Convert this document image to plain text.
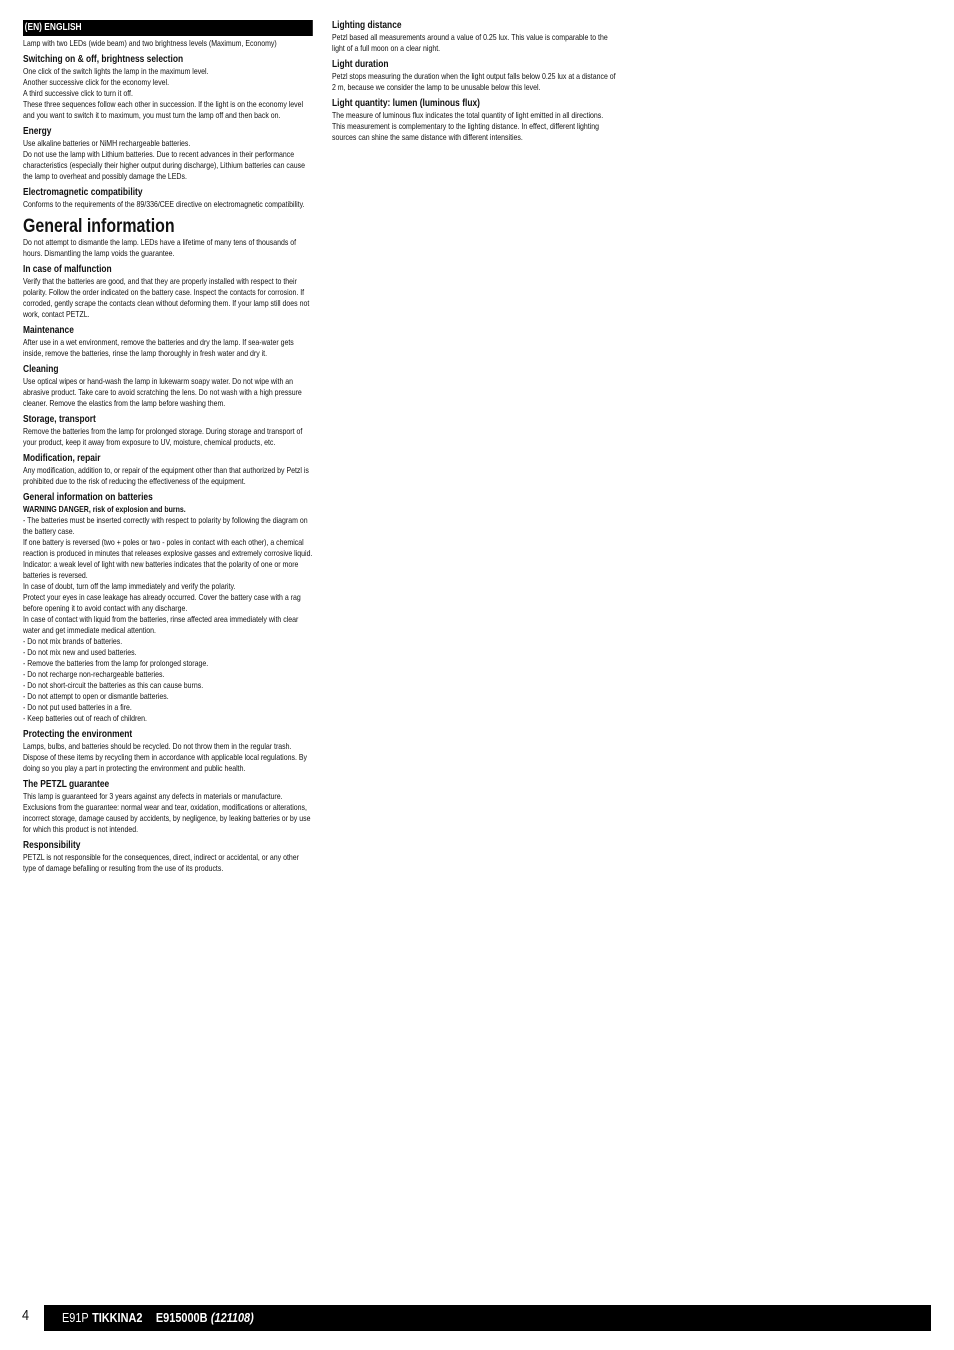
(EN) ENGLISH

Lamp with two LEDs (wide beam) and two brightness levels (Maximum, Economy)

Switching on & off, brightness selection

One click of the switch lights the lamp in the maximum level.

Another successive click for the economy level.

A third successive click to turn it off.

These three sequences follow each other in succession. If the light is on the economy level and you want to switch it to maximum, you must turn the lamp off and then back on.

Energy

Use alkaline batteries or NiMH rechargeable batteries.

Do not use the lamp with Lithium batteries. Due to recent advances in their performance characteristics (especially their higher output during discharge), Lithium batteries can cause the lamp to overheat and possibly damage the LEDs.

Electromagnetic compatibility

Conforms to the requirements of the 89/336/CEE directive on electromagnetic compatibility.

General information

Do not attempt to dismantle the lamp. LEDs have a lifetime of many tens of thousands of hours. Dismantling the lamp voids the guarantee.

In case of malfunction

Verify that the batteries are good, and that they are properly installed with respect to their polarity. Follow the order indicated on the battery case. Inspect the contacts for corrosion. If corroded, gently scrape the contacts clean without deforming them. If your lamp still does not work, contact PETZL.

Maintenance

After use in a wet environment, remove the batteries and dry the lamp. If sea-water gets inside, remove the batteries, rinse the lamp thoroughly in fresh water and dry it.

Cleaning

Use optical wipes or hand-wash the lamp in lukewarm soapy water. Do not wipe with an abrasive product. Take care to avoid scratching the lens. Do not wash with a high pressure cleaner. Remove the elastics from the lamp before washing them.

Storage, transport

Remove the batteries from the lamp for prolonged storage. During storage and transport of your product, keep it away from exposure to UV, moisture, chemical products, etc.

Modification, repair

Any modification, addition to, or repair of the equipment other than that authorized by Petzl is prohibited due to the risk of reducing the effectiveness of the equipment.

General information on batteries
WARNING DANGER, risk of explosion and burns.

- The batteries must be inserted correctly with respect to polarity by following the diagram on the battery case.

If one battery is reversed (two + poles or two - poles in contact with each other), a chemical reaction is produced in minutes that releases explosive gasses and extremely corrosive liquid.

Indicator: a weak level of light with new batteries indicates that the polarity of one or more batteries is reversed.

In case of doubt, turn off the lamp immediately and verify the polarity.

Protect your eyes in case leakage has already occurred. Cover the battery case with a rag before opening it to avoid contact with any discharge.

In case of contact with liquid from the batteries, rinse affected area immediately with clear water and get immediate medical attention.

- Do not mix brands of batteries.

- Do not mix new and used batteries.

- Remove the batteries from the lamp for prolonged storage.

- Do not recharge non-rechargeable batteries.

- Do not short-circuit the batteries as this can cause burns.

- Do not attempt to open or dismantle batteries.

- Do not put used batteries in a fire.

- Keep batteries out of reach of children.

Protecting the environment

Lamps, bulbs, and batteries should be recycled. Do not throw them in the regular trash. Dispose of these items by recycling them in accordance with applicable local regulations. By doing so you play a part in protecting the environment and public health.

The PETZL guarantee

This lamp is guaranteed for 3 years against any defects in materials or manufacture. Exclusions from the guarantee: normal wear and tear, oxidation, modifications or alterations, incorrect storage, damage caused by accidents, by negligence, by leaking batteries or by use for which this product is not intended.

Responsibility

PETZL is not responsible for the consequences, direct, indirect or accidental, or any other type of damage befalling or resulting from the use of its products.

Lighting distance

Petzl based all measurements around a value of 0.25 lux. This value is comparable to the light of a full moon on a clear night.

Light duration

Petzl stops measuring the duration when the light output falls below 0.25 lux at a distance of 2 m, because we consider the lamp to be unusable below this level.

Light quantity: lumen (luminous flux)

The measure of luminous flux indicates the total quantity of light emitted in all directions.

This measurement is complementary to the lighting distance. In effect, different lighting sources can shine the same distance with different intensities.

4	E91P TIKKINA2 E915000B (121108)
